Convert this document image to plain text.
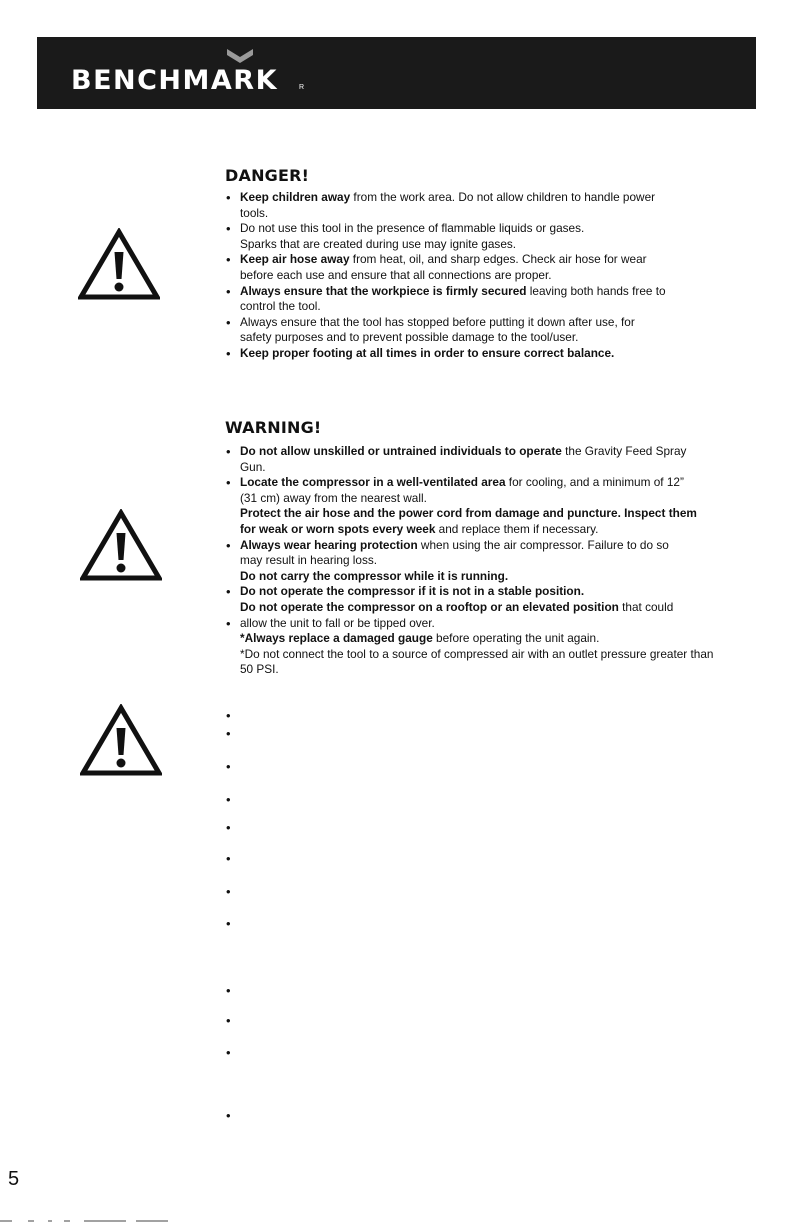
BENCHMARK	R
DANGER!
• Keep children away from the work area. Do not allow children to handle power
tools.
• Do not use this tool in the presence of flammable liquids or gases.
Sparks that are created during use may ignite gases.
• Keep air hose away from heat, oil, and sharp edges. Check air hose for wear
before each use and ensure that all connections are proper.
• Always ensure that the workpiece is firmly secured leaving both hands free to
control the tool.
• Always ensure that the tool has stopped before putting it down after use, for
safety purposes and to prevent possible damage to the tool/user.
• Keep proper footing at all times in order to ensure correct balance.
WARNING!
• Do not allow unskilled or untrained individuals to operate the Gravity Feed Spray
Gun.
• Locate the compressor in a well-ventilated area for cooling, and a minimum of 12”
(31 cm) away from the nearest wall.
Protect the air hose and the power cord from damage and puncture. Inspect them
for weak or worn spots every week and replace them if necessary.
• Always wear hearing protection when using the air compressor. Failure to do so
may result in hearing loss.
Do not carry the compressor while it is running.
• Do not operate the compressor if it is not in a stable position.
Do not operate the compressor on a rooftop or an elevated position that could
• allow the unit to fall or be tipped over.
*Always replace a damaged gauge before operating the unit again.
*Do not connect the tool to a source of compressed air with an outlet pressure greater than
50 PSI.
•
•
•
•
•
•
•
•
•
•
•
•
5
